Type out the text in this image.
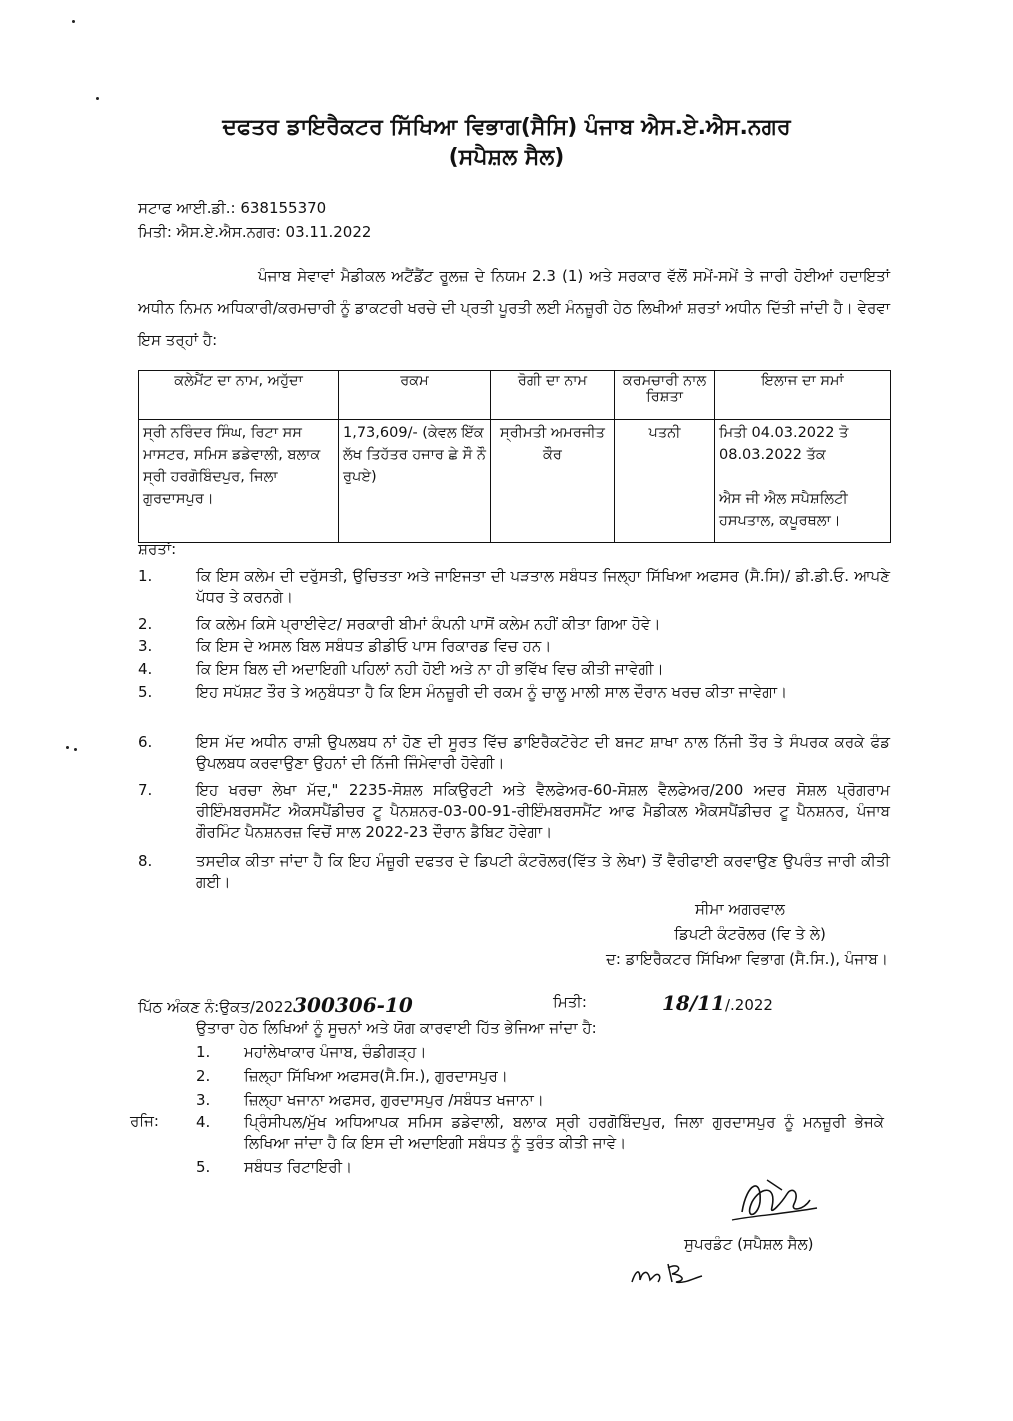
ਦਫਤਰ ਡਾਇਰੈਕਟਰ ਸਿੱਖਿਆ ਵਿਭਾਗ(ਸੈਸਿ) ਪੰਜਾਬ ਐਸ.ਏ.ਐਸ.ਨਗਰ
(ਸਪੈਸ਼ਲ ਸੈਲ)
ਸਟਾਫ ਆਈ.ਡੀ.: 638155370
ਮਿਤੀ: ਐਸ.ਏ.ਐਸ.ਨਗਰ: 03.11.2022
ਪੰਜਾਬ ਸੇਵਾਵਾਂ ਮੈਡੀਕਲ ਅਟੈਂਡੈਂਟ ਰੂਲਜ਼ ਦੇ ਨਿਯਮ 2.3 (1) ਅਤੇ ਸਰਕਾਰ ਵੱਲੋਂ ਸਮੇਂ-ਸਮੇਂ ਤੇ ਜਾਰੀ ਹੋਈਆਂ ਹਦਾਇਤਾਂ ਅਧੀਨ ਨਿਮਨ ਅਧਿਕਾਰੀ/ਕਰਮਚਾਰੀ ਨੂੰ ਡਾਕਟਰੀ ਖਰਚੇ ਦੀ ਪ੍ਰਤੀ ਪੂਰਤੀ ਲਈ ਮੰਨਜ਼ੂਰੀ ਹੇਠ ਲਿਖੀਆਂ ਸ਼ਰਤਾਂ ਅਧੀਨ ਦਿੱਤੀ ਜਾਂਦੀ ਹੈ। ਵੇਰਵਾ ਇਸ ਤਰ੍ਹਾਂ ਹੈ:
ਕਲੇਮੈਂਟ ਦਾ ਨਾਮ, ਅਹੁੱਦਾ	ਰਕਮ	ਰੋਗੀ ਦਾ ਨਾਮ	ਕਰਮਚਾਰੀ ਨਾਲ ਰਿਸ਼ਤਾ	ਇਲਾਜ ਦਾ ਸਮਾਂ
ਸ੍ਰੀ ਨਰਿੰਦਰ ਸਿੰਘ, ਰਿਟਾ ਸਸ ਮਾਸਟਰ, ਸਮਿਸ ਡਡੇਵਾਲੀ, ਬਲਾਕ ਸ੍ਰੀ ਹਰਗੋਬਿੰਦਪੁਰ, ਜਿਲਾ ਗੁਰਦਾਸਪੁਰ।	1,73,609/- (ਕੇਵਲ ਇੱਕ ਲੱਖ ਤਿਹੱਤਰ ਹਜਾਰ ਛੇ ਸੌ ਨੌ ਰੁਪਏ)	ਸ੍ਰੀਮਤੀ ਅਮਰਜੀਤ ਕੌਰ	ਪਤਨੀ	ਮਿਤੀ 04.03.2022 ਤੋ 08.03.2022 ਤੱਕ
ਐਸ ਜੀ ਐਲ ਸਪੈਸ਼ਲਿਟੀ ਹਸਪਤਾਲ, ਕਪੂਰਥਲਾ।
ਸ਼ਰਤਾਂ:
1.	ਕਿ ਇਸ ਕਲੇਮ ਦੀ ਦਰੁੱਸਤੀ, ਉਚਿਤਤਾ ਅਤੇ ਜਾਇਜਤਾ ਦੀ ਪੜਤਾਲ ਸਬੰਧਤ ਜਿਲ੍ਹਾ ਸਿੱਖਿਆ ਅਫਸਰ (ਸੈ.ਸਿ)/ ਡੀ.ਡੀ.ਓ. ਆਪਣੇ ਪੱਧਰ ਤੇ ਕਰਨਗੇ।
2.	ਕਿ ਕਲੇਮ ਕਿਸੇ ਪ੍ਰਾਈਵੇਟ/ ਸਰਕਾਰੀ ਬੀਮਾਂ ਕੰਪਨੀ ਪਾਸੋਂ ਕਲੇਮ ਨਹੀਂ ਕੀਤਾ ਗਿਆ ਹੋਵੇ।
3.	ਕਿ ਇਸ ਦੇ ਅਸਲ ਬਿਲ ਸਬੰਧਤ ਡੀਡੀਓ ਪਾਸ ਰਿਕਾਰਡ ਵਿਚ ਹਨ।
4.	ਕਿ ਇਸ ਬਿਲ ਦੀ ਅਦਾਇਗੀ ਪਹਿਲਾਂ ਨਹੀ ਹੋਈ ਅਤੇ ਨਾ ਹੀ ਭਵਿੱਖ ਵਿਚ ਕੀਤੀ ਜਾਵੇਗੀ।
5.	ਇਹ ਸਪੱਸ਼ਟ ਤੌਰ ਤੇ ਅਨੁਬੰਧਤਾ ਹੈ ਕਿ ਇਸ ਮੰਨਜ਼ੂਰੀ ਦੀ ਰਕਮ ਨੂੰ ਚਾਲੂ ਮਾਲੀ ਸਾਲ ਦੌਰਾਨ ਖਰਚ ਕੀਤਾ ਜਾਵੇਗਾ।
6.	ਇਸ ਮੱਦ ਅਧੀਨ ਰਾਸ਼ੀ ਉਪਲਬਧ ਨਾਂ ਹੋਣ ਦੀ ਸੂਰਤ ਵਿੱਚ ਡਾਇਰੈਕਟੋਰੇਟ ਦੀ ਬਜਟ ਸ਼ਾਖਾ ਨਾਲ ਨਿੱਜੀ ਤੌਰ ਤੇ ਸੰਪਰਕ ਕਰਕੇ ਫੰਡ ਉਪਲਬਧ ਕਰਵਾਉਣਾ ਉਹਨਾਂ ਦੀ ਨਿੱਜੀ ਜਿੰਮੇਵਾਰੀ ਹੋਵੇਗੀ।
7.	ਇਹ ਖਰਚਾ ਲੇਖਾ ਮੱਦ," 2235-ਸੋਸ਼ਲ ਸਕਿਉਰਟੀ ਅਤੇ ਵੈਲਫੇਅਰ-60-ਸੋਸ਼ਲ ਵੈਲਫੇਅਰ/200 ਅਦਰ ਸੋਸ਼ਲ ਪ੍ਰੋਗਰਾਮ ਰੀਇੰਮਬਰਸਮੈਂਟ ਐਕਸਪੈਂਡੀਚਰ ਟੂ ਪੈਨਸ਼ਨਰ-03-00-91-ਰੀਇੰਮਬਰਸਮੈਂਟ ਆਫ ਮੈਡੀਕਲ ਐਕਸਪੈਂਡੀਚਰ ਟੂ ਪੈਨਸ਼ਨਰ, ਪੰਜਾਬ ਗੌਰਮਿੰਟ ਪੈਨਸ਼ਨਰਜ਼ ਵਿਚੋਂ ਸਾਲ 2022-23 ਦੌਰਾਨ ਡੈਬਿਟ ਹੋਵੇਗਾ।
8.	ਤਸਦੀਕ ਕੀਤਾ ਜਾਂਦਾ ਹੈ ਕਿ ਇਹ ਮੰਜ਼ੂਰੀ ਦਫਤਰ ਦੇ ਡਿਪਟੀ ਕੰਟਰੋਲਰ(ਵਿੱਤ ਤੇ ਲੇਖਾ) ਤੋਂ ਵੈਰੀਫਾਈ ਕਰਵਾਉਣ ਉਪਰੰਤ ਜਾਰੀ ਕੀਤੀ ਗਈ।
ਸੀਮਾ ਅਗਰਵਾਲ
ਡਿਪਟੀ ਕੰਟਰੋਲਰ (ਵਿ ਤੇ ਲੇ)
ਦ: ਡਾਇਰੈਕਟਰ ਸਿੱਖਿਆ ਵਿਭਾਗ (ਸੈ.ਸਿ.), ਪੰਜਾਬ।
ਪਿੱਠ ਅੰਕਣ ਨੰ:ਉਕਤ/2022300306-10	ਮਿਤੀ:	18/11/.2022
ਉਤਾਰਾ ਹੇਠ ਲਿਖਿਆਂ ਨੂੰ ਸੂਚਨਾਂ ਅਤੇ ਯੋਗ ਕਾਰਵਾਈ ਹਿੱਤ ਭੇਜਿਆ ਜਾਂਦਾ ਹੈ:
1. ਮਹਾਂਲੇਖਾਕਾਰ ਪੰਜਾਬ, ਚੰਡੀਗੜ੍ਹ।
2. ਜ਼ਿਲ੍ਹਾ ਸਿੱਖਿਆ ਅਫਸਰ(ਸੈ.ਸਿ.), ਗੁਰਦਾਸਪੁਰ।
3. ਜ਼ਿਲ੍ਹਾ ਖਜਾਨਾ ਅਫਸਰ, ਗੁਰਦਾਸਪੁਰ /ਸਬੰਧਤ ਖਜਾਨਾ।
ਰਜਿ: 4. ਪ੍ਰਿੰਸੀਪਲ/ਮੁੱਖ ਅਧਿਆਪਕ ਸਮਿਸ ਡਡੇਵਾਲੀ, ਬਲਾਕ ਸ੍ਰੀ ਹਰਗੋਬਿੰਦਪੁਰ, ਜਿਲਾ ਗੁਰਦਾਸਪੁਰ ਨੂੰ ਮਨਜ਼ੂਰੀ ਭੇਜਕੇ ਲਿਖਿਆ ਜਾਂਦਾ ਹੈ ਕਿ ਇਸ ਦੀ ਅਦਾਇਗੀ ਸਬੰਧਤ ਨੂੰ ਤੁਰੰਤ ਕੀਤੀ ਜਾਵੇ।
5. ਸਬੰਧਤ ਰਿਟਾਇਰੀ।
ਸੁਪਰਡੰਟ (ਸਪੈਸ਼ਲ ਸੈਲ)
